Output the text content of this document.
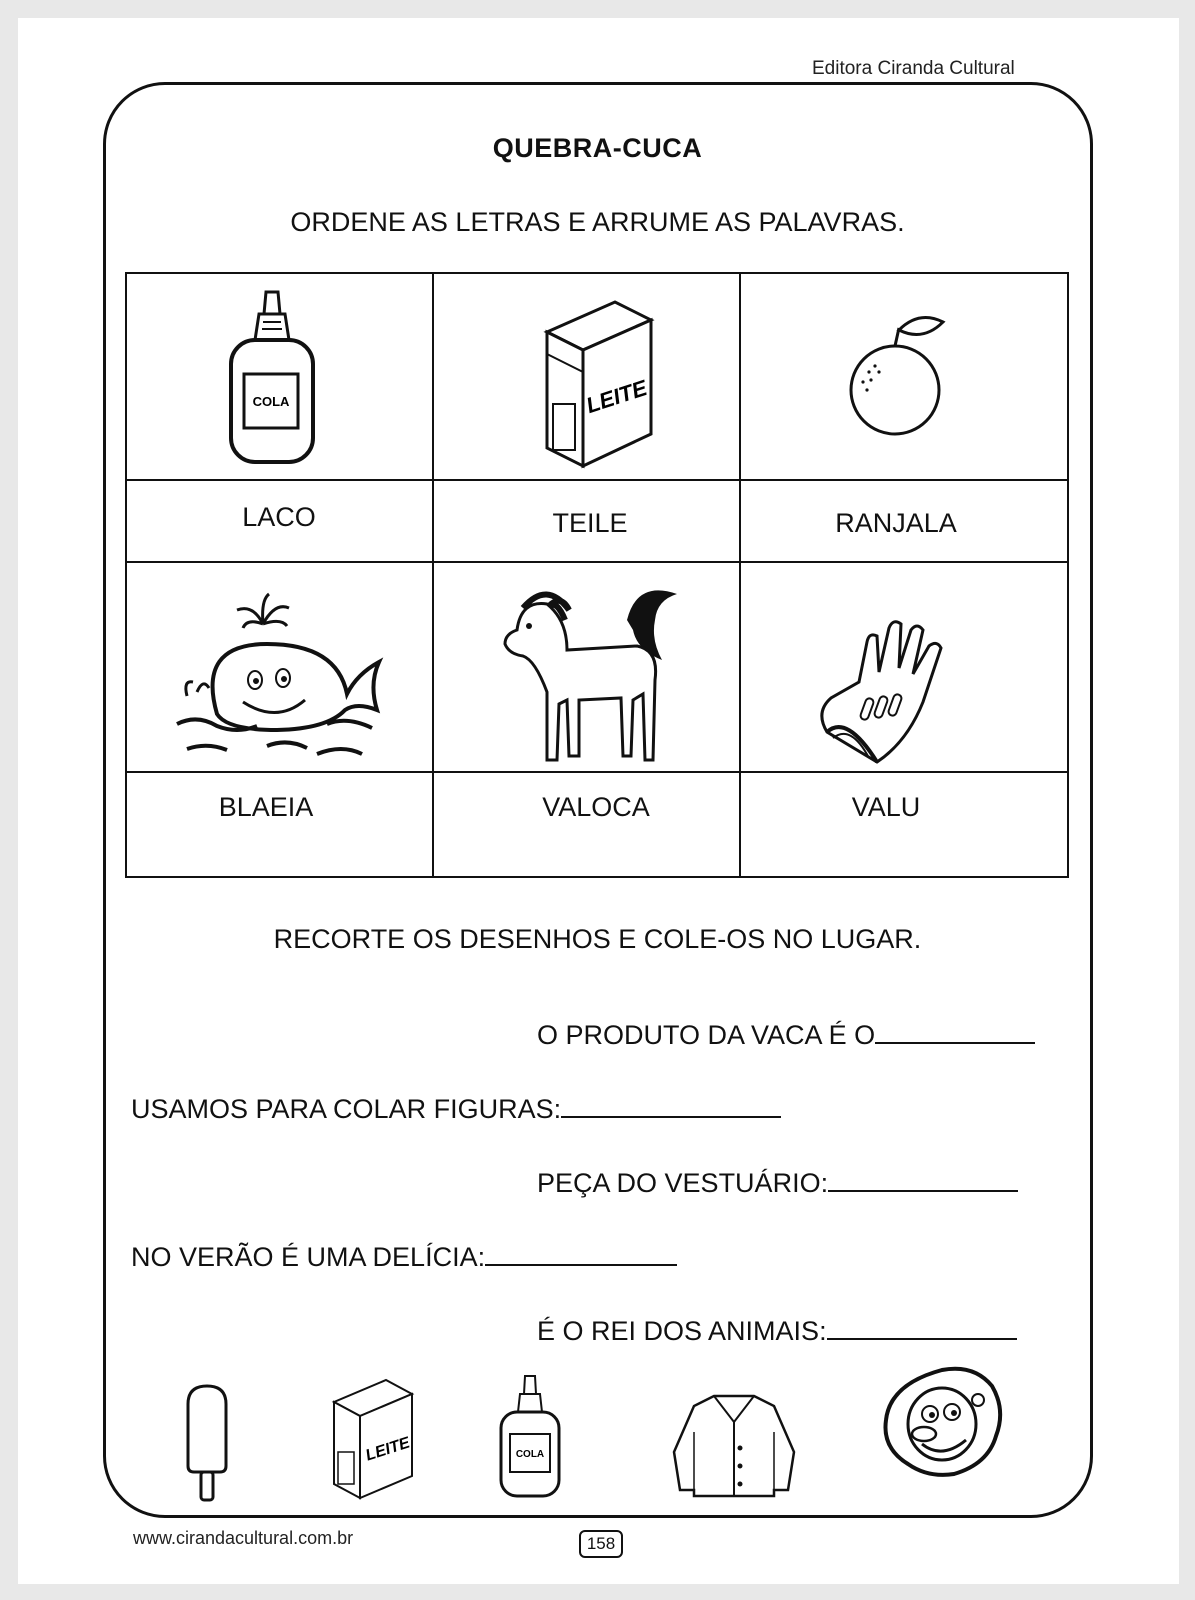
Editora Ciranda Cultural
QUEBRA-CUCA
ORDENE AS LETRAS E ARRUME AS PALAVRAS.
COLA	LEITE
LACO	TEILE	RANJALA
BLAEIA	VALOCA	VALU
RECORTE OS DESENHOS E COLE-OS NO LUGAR.
O PRODUTO DA VACA É O
USAMOS PARA COLAR FIGURAS:
PEÇA DO VESTUÁRIO:
NO VERÃO É UMA DELÍCIA:
É O REI DOS ANIMAIS:
LEITE	COLA
www.cirandacultural.com.br	158
